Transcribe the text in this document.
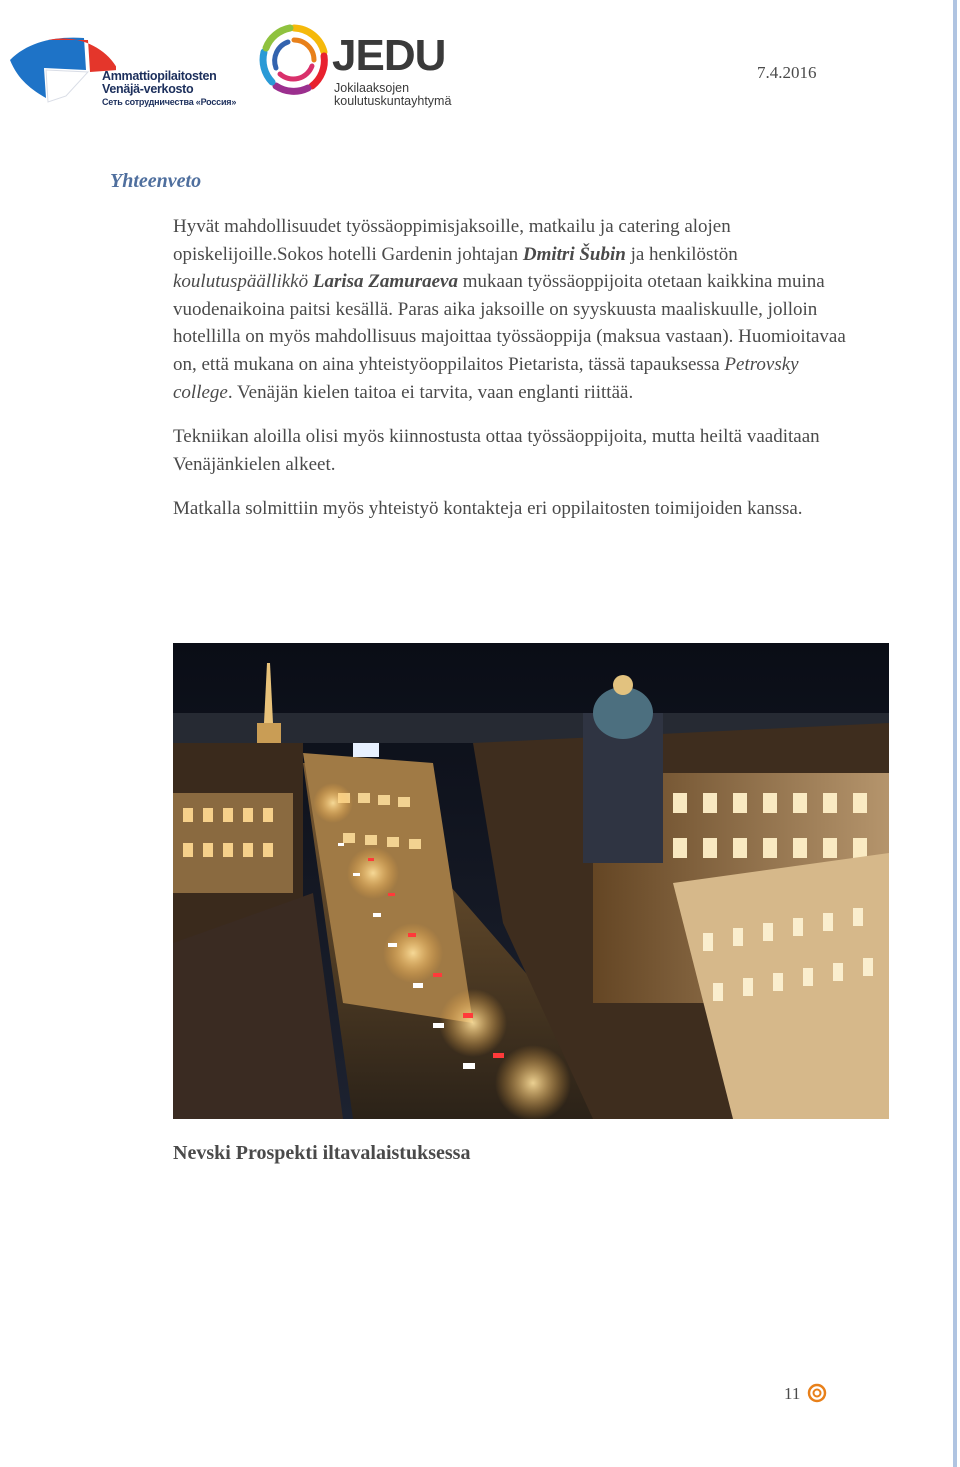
Ammattiopilaitosten
Venäjä-verkosto
Сеть сотрудничества «Россия»
JEDU
Jokilaaksojen
koulutuskuntayhtymä
7.4.2016
Yhteenveto

Hyvät mahdollisuudet työssäoppimisjaksoille, matkailu ja catering alojen opiskelijoille.Sokos hotelli Gardenin johtajan Dmitri Šubin ja henkilöstön koulutuspäällikkö Larisa Zamuraeva mukaan työssäoppijoita otetaan kaikkina muina vuodenaikoina paitsi kesällä. Paras aika jaksoille on syyskuusta maaliskuulle, jolloin hotellilla on myös mahdollisuus majoittaa työssäoppija (maksua vastaan). Huomioitavaa on, että mukana on aina yhteistyöoppilaitos Pietarista, tässä tapauksessa Petrovsky college. Venäjän kielen taitoa ei tarvita, vaan englanti riittää.

Tekniikan aloilla olisi myös kiinnostusta ottaa työssäoppijoita, mutta heiltä vaaditaan Venäjänkielen alkeet.

Matkalla solmittiin myös yhteistyö kontakteja eri oppilaitosten toimijoiden kanssa.

Nevski Prospekti iltavalaistuksessa
11
